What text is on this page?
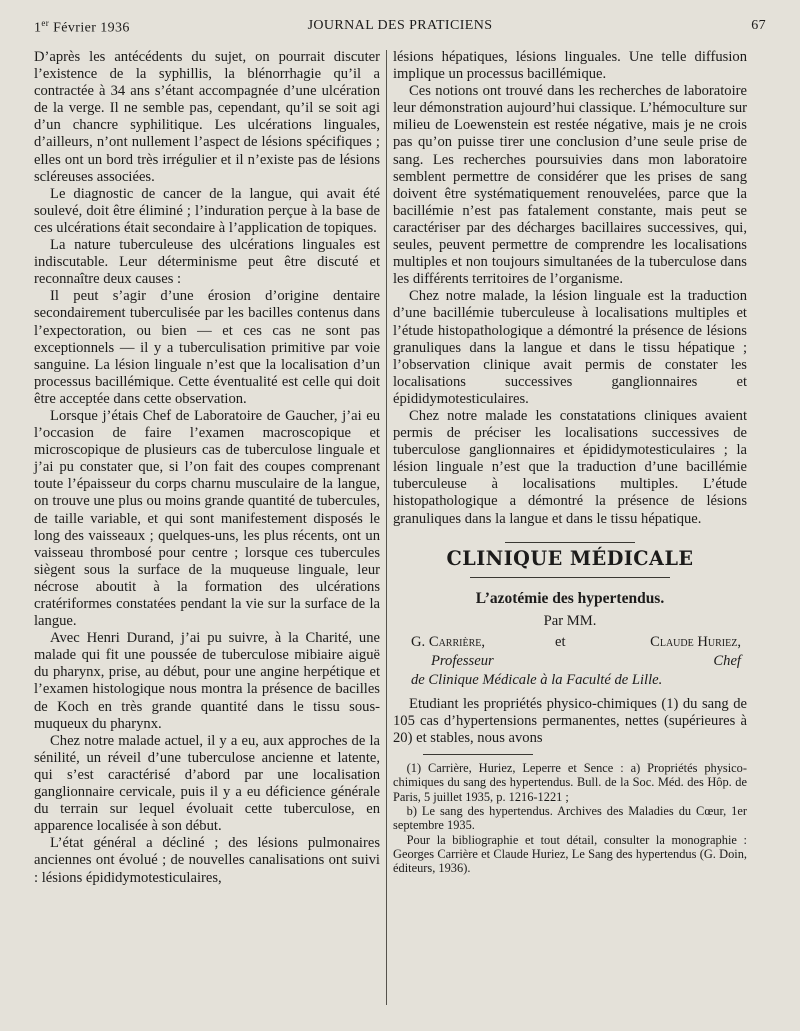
1er Février 1936	JOURNAL DES PRATICIENS	67

D’après les antécédents du sujet, on pourrait discuter l’existence de la syphillis, la blénorrhagie qu’il a contractée à 34 ans s’étant accompagnée d’une ulcération de la verge. Il ne semble pas, cependant, qu’il se soit agi d’un chancre syphilitique. Les ulcérations linguales, d’ailleurs, n’ont nullement l’aspect de lésions spécifiques ; elles ont un bord très irrégulier et il n’existe pas de lésions scléreuses associées.

Le diagnostic de cancer de la langue, qui avait été soulevé, doit être éliminé ; l’induration perçue à la base de ces ulcérations était secondaire à l’application de topiques.

La nature tuberculeuse des ulcérations linguales est indiscutable. Leur déterminisme peut être discuté et reconnaître deux causes :

Il peut s’agir d’une érosion d’origine dentaire secondairement tuberculisée par les bacilles contenus dans l’expectoration, ou bien — et ces cas ne sont pas exceptionnels — il y a tuberculisation primitive par voie sanguine. La lésion linguale n’est que la localisation d’un processus bacillémique. Cette éventualité est celle qui doit être acceptée dans cette observation.

Lorsque j’étais Chef de Laboratoire de Gaucher, j’ai eu l’occasion de faire l’examen macroscopique et microscopique de plusieurs cas de tuberculose linguale et j’ai pu constater que, si l’on fait des coupes comprenant toute l’épaisseur du corps charnu musculaire de la langue, on trouve une plus ou moins grande quantité de tubercules, de taille variable, et qui sont manifestement disposés le long des vaisseaux ; quelques-uns, les plus récents, ont un vaisseau thrombosé pour centre ; lorsque ces tubercules siègent sous la surface de la muqueuse linguale, leur nécrose aboutit à la formation des ulcérations cratériformes constatées pendant la vie sur la surface de la langue.

Avec Henri Durand, j’ai pu suivre, à la Charité, une malade qui fit une poussée de tuberculose mibiaire aiguë du pharynx, prise, au début, pour une angine herpétique et l’examen histologique nous montra la présence de bacilles de Koch en très grande quantité dans le tissu sous-muqueux du pharynx.

Chez notre malade actuel, il y a eu, aux approches de la sénilité, un réveil d’une tuberculose ancienne et latente, qui s’est caractérisé d’abord par une localisation ganglionnaire cervicale, puis il y a eu déficience générale du terrain sur lequel évoluait cette tuberculose, en apparence localisée à son début.

L’état général a décliné ; des lésions pulmonaires anciennes ont évolué ; de nouvelles canalisations ont suivi : lésions épididymotesticulaires,

lésions hépatiques, lésions linguales. Une telle diffusion implique un processus bacillémique.

Ces notions ont trouvé dans les recherches de laboratoire leur démonstration aujourd’hui classique. L’hémoculture sur milieu de Loewenstein est restée négative, mais je ne crois pas qu’on puisse tirer une conclusion d’une seule prise de sang. Les recherches poursuivies dans mon laboratoire semblent permettre de considérer que les prises de sang doivent être systématiquement renouvelées, parce que la bacillémie n’est pas fatalement constante, mais peut se caractériser par des décharges bacillaires successives, qui, seules, peuvent permettre de comprendre les localisations multiples et non toujours simultanées de la tuberculose dans les différents territoires de l’organisme.

Chez notre malade, la lésion linguale est la traduction d’une bacillémie tuberculeuse à localisations multiples et l’étude histopathologique a démontré la présence de lésions granuliques dans la langue et dans le tissu hépatique ; l’observation clinique avait permis de constater les localisations successives ganglionnaires et épididymotesticulaires.

Chez notre malade les constatations cliniques avaient permis de préciser les localisations successives de tuberculose ganglionnaires et épididymotesticulaires ; la lésion linguale n’est que la traduction d’une bacillémie tuberculeuse à localisations multiples. L’étude histopathologique a démontré la présence de lésions granuliques dans la langue et dans le tissu hépatique.

CLINIQUE MÉDICALE
L’azotémie des hypertendus.
Par MM.
G. Carrière,	et	Claude Huriez,
Professeur	Chef
de Clinique Médicale à la Faculté de Lille.

Etudiant les propriétés physico-chimiques (1) du sang de 105 cas d’hypertensions permanentes, nettes (supérieures à 20) et stables, nous avons

(1) Carrière, Huriez, Leperre et Sence : a) Propriétés physico-chimiques du sang des hypertendus. Bull. de la Soc. Méd. des Hôp. de Paris, 5 juillet 1935, p. 1216-1221 ;

b) Le sang des hypertendus. Archives des Maladies du Cœur, 1er septembre 1935.

Pour la bibliographie et tout détail, consulter la monographie : Georges Carrière et Claude Huriez, Le Sang des hypertendus (G. Doin, éditeurs, 1936).
